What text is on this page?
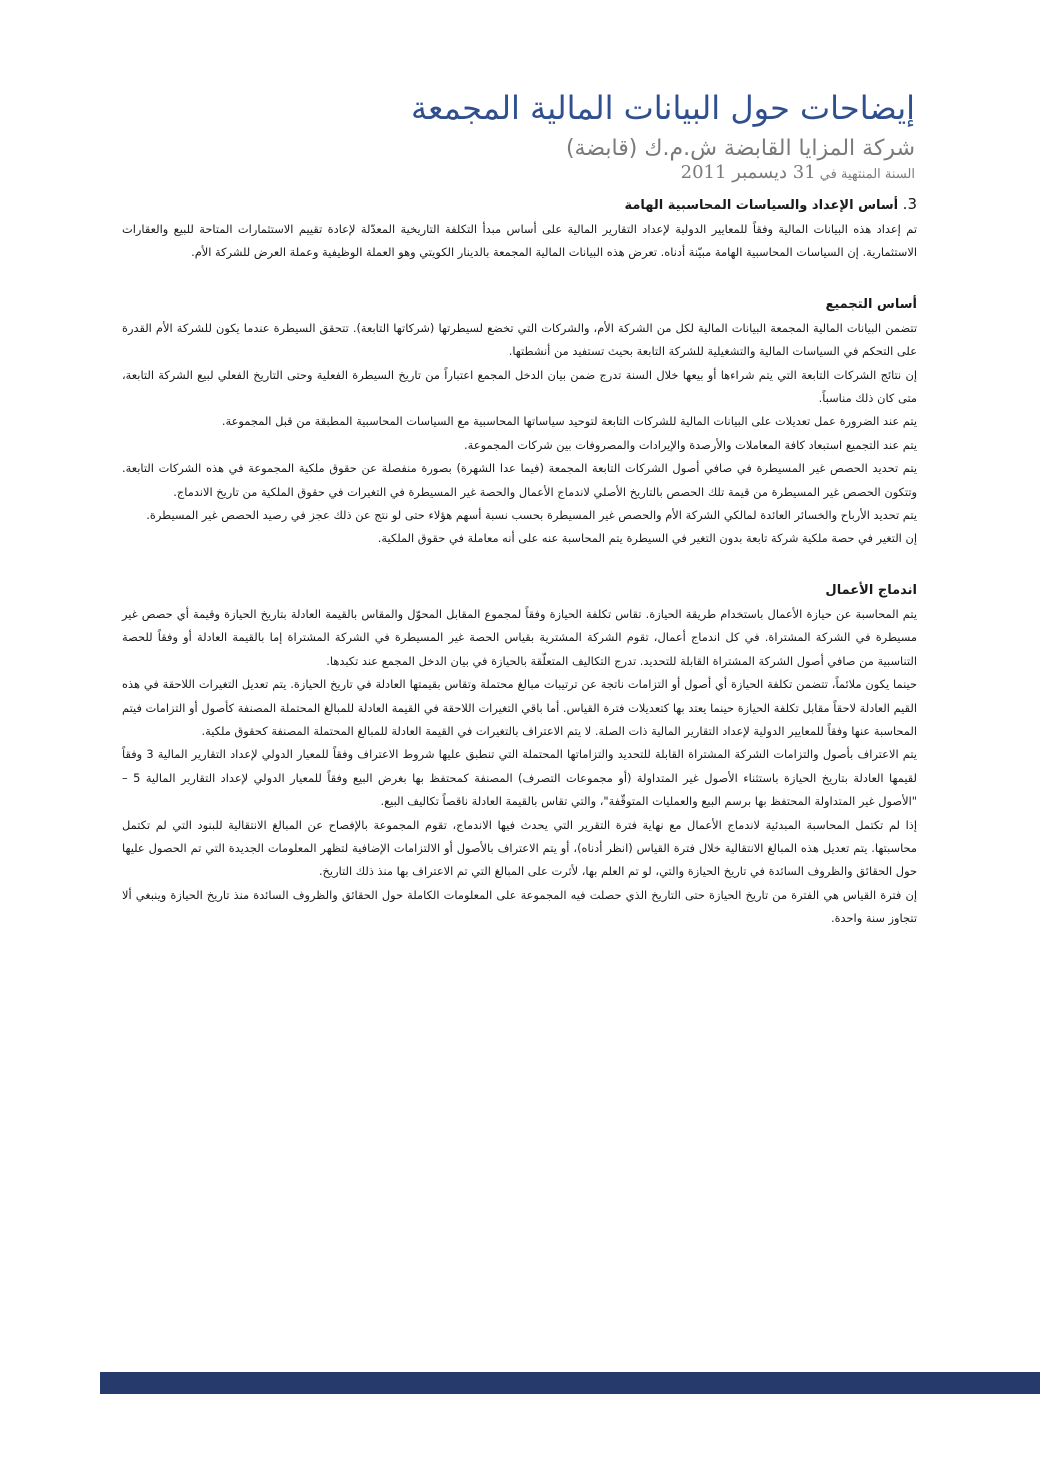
إيضاحات حول البيانات المالية المجمعة
شركة المزايا القابضة ش.م.ك (قابضة)
السنة المنتهية في 31 ديسمبر 2011
3. أساس الإعداد والسياسات المحاسبية الهامة

تم إعداد هذه البيانات المالية وفقاً للمعايير الدولية لإعداد التقارير المالية على أساس مبدأ التكلفة التاريخية المعدّلة لإعادة تقييم الاستثمارات المتاحة للبيع والعقارات الاستثمارية. إن السياسات المحاسبية الهامة مبيّنة أدناه. تعرض هذه البيانات المالية المجمعة بالدينار الكويتي وهو العملة الوظيفية وعملة العرض للشركة الأم.

أساس التجميع

تتضمن البيانات المالية المجمعة البيانات المالية لكل من الشركة الأم، والشركات التي تخضع لسيطرتها (شركاتها التابعة). تتحقق السيطرة عندما يكون للشركة الأم القدرة على التحكم في السياسات المالية والتشغيلية للشركة التابعة بحيث تستفيد من أنشطتها.

إن نتائج الشركات التابعة التي يتم شراءها أو بيعها خلال السنة تدرج ضمن بيان الدخل المجمع اعتباراً من تاريخ السيطرة الفعلية وحتى التاريخ الفعلي لبيع الشركة التابعة، متى كان ذلك مناسباً.

يتم عند الضرورة عمل تعديلات على البيانات المالية للشركات التابعة لتوحيد سياساتها المحاسبية مع السياسات المحاسبية المطبقة من قبل المجموعة.

يتم عند التجميع استبعاد كافة المعاملات والأرصدة والإيرادات والمصروفات بين شركات المجموعة.

يتم تحديد الحصص غير المسيطرة في صافي أصول الشركات التابعة المجمعة (فيما عدا الشهرة) بصورة منفصلة عن حقوق ملكية المجموعة في هذه الشركات التابعة. وتتكون الحصص غير المسيطرة من قيمة تلك الحصص بالتاريخ الأصلي لاندماج الأعمال والحصة غير المسيطرة في التغيرات في حقوق الملكية من تاريخ الاندماج.

يتم تحديد الأرباح والخسائر العائدة لمالكي الشركة الأم والحصص غير المسيطرة بحسب نسبة أسهم هؤلاء حتى لو نتج عن ذلك عجز في رصيد الحصص غير المسيطرة.

إن التغير في حصة ملكية شركة تابعة بدون التغير في السيطرة يتم المحاسبة عنه على أنه معاملة في حقوق الملكية.

اندماج الأعمال

يتم المحاسبة عن حيازة الأعمال باستخدام طريقة الحيازة. تقاس تكلفة الحيازة وفقاً لمجموع المقابل المحوّل والمقاس بالقيمة العادلة بتاريخ الحيازة وقيمة أي حصص غير مسيطرة في الشركة المشتراة. في كل اندماج أعمال، تقوم الشركة المشترية بقياس الحصة غير المسيطرة في الشركة المشتراة إما بالقيمة العادلة أو وفقاً للحصة التناسبية من صافي أصول الشركة المشتراة القابلة للتحديد. تدرج التكاليف المتعلّقة بالحيازة في بيان الدخل المجمع عند تكبدها.

حينما يكون ملائماً، تتضمن تكلفة الحيازة أي أصول أو التزامات ناتجة عن ترتيبات مبالغ محتملة وتقاس بقيمتها العادلة في تاريخ الحيازة. يتم تعديل التغيرات اللاحقة في هذه القيم العادلة لاحقاً مقابل تكلفة الحيازة حينما يعتد بها كتعديلات فترة القياس. أما باقي التغيرات اللاحقة في القيمة العادلة للمبالغ المحتملة المصنفة كأصول أو التزامات فيتم المحاسبة عنها وفقاً للمعايير الدولية لإعداد التقارير المالية ذات الصلة. لا يتم الاعتراف بالتغيرات في القيمة العادلة للمبالغ المحتملة المصنفة كحقوق ملكية.

يتم الاعتراف بأصول والتزامات الشركة المشتراة القابلة للتحديد والتزاماتها المحتملة التي تنطبق عليها شروط الاعتراف وفقاً للمعيار الدولي لإعداد التقارير المالية 3 وفقاً لقيمها العادلة بتاريخ الحيازة باستثناء الأصول غير المتداولة (أو مجموعات التصرف) المصنفة كمحتفظ بها بغرض البيع وفقاً للمعيار الدولي لإعداد التقارير المالية 5 – "الأصول غير المتداولة المحتفظ بها برسم البيع والعمليات المتوقّفة"، والتي تقاس بالقيمة العادلة ناقصاً تكاليف البيع.

إذا لم تكتمل المحاسبة المبدئية لاندماج الأعمال مع نهاية فترة التقرير التي يحدث فيها الاندماج، تقوم المجموعة بالإفصاح عن المبالغ الانتقالية للبنود التي لم تكتمل محاسبتها. يتم تعديل هذه المبالغ الانتقالية خلال فترة القياس (انظر أدناه)، أو يتم الاعتراف بالأصول أو الالتزامات الإضافية لتظهر المعلومات الجديدة التي تم الحصول عليها حول الحقائق والظروف السائدة في تاريخ الحيازة والتي، لو تم العلم بها، لأثرت على المبالغ التي تم الاعتراف بها منذ ذلك التاريخ.

إن فترة القياس هي الفترة من تاريخ الحيازة حتى التاريخ الذي حصلت فيه المجموعة على المعلومات الكاملة حول الحقائق والظروف السائدة منذ تاريخ الحيازة وينبغي ألا تتجاوز سنة واحدة.
